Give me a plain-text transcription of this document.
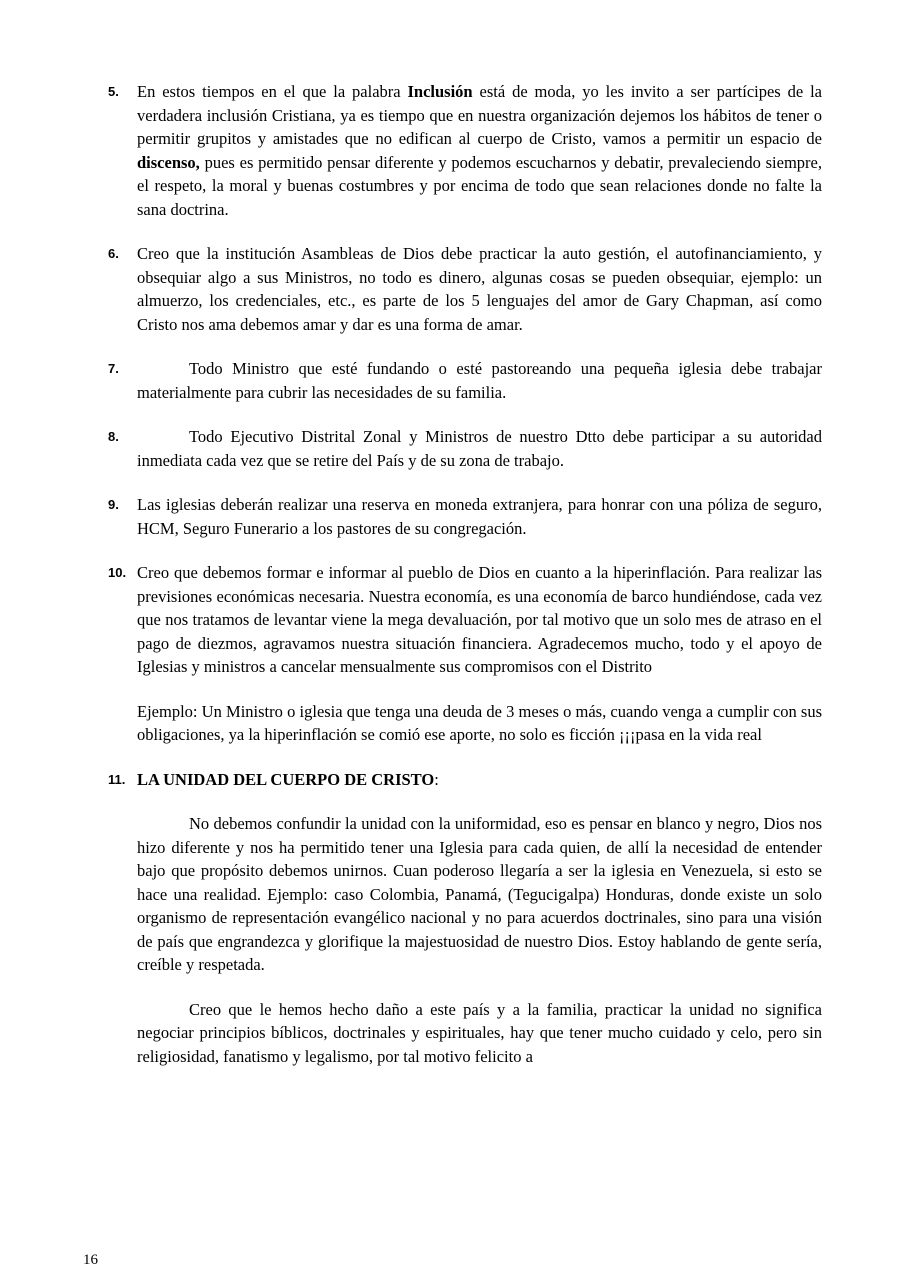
5.	En estos tiempos en el que la palabra Inclusión está de moda, yo les invito a ser partícipes de la verdadera inclusión Cristiana, ya es tiempo que en nuestra organización dejemos los hábitos de tener o permitir grupitos y amistades que no edifican al cuerpo de Cristo, vamos a permitir un espacio de discenso, pues es permitido pensar diferente y podemos escucharnos y debatir, prevaleciendo siempre, el respeto, la moral y buenas costumbres y por encima de todo que sean relaciones donde no falte la sana doctrina.

6.	Creo que la institución Asambleas de Dios debe practicar la auto gestión, el autofinanciamiento, y obsequiar algo a sus Ministros, no todo es dinero, algunas cosas se pueden obsequiar, ejemplo: un almuerzo, los credenciales, etc., es parte de los 5 lenguajes del amor de Gary Chapman, así como Cristo nos ama debemos amar y dar es una forma de amar.

7.	Todo Ministro que esté fundando o esté pastoreando una pequeña iglesia debe trabajar materialmente para cubrir las necesidades de su familia.

8.	Todo Ejecutivo Distrital Zonal y Ministros de nuestro Dtto debe participar a su autoridad inmediata cada vez que se retire del País y de su zona de trabajo.

9.	Las iglesias deberán realizar una reserva en moneda extranjera, para honrar con una póliza de seguro, HCM, Seguro Funerario a los pastores de su congregación.

10. Creo que debemos formar e informar al pueblo de Dios en cuanto a la hiperinflación. Para realizar las previsiones económicas necesaria. Nuestra economía, es una economía de barco hundiéndose, cada vez que nos tratamos de levantar viene la mega devaluación, por tal motivo que un solo mes de atraso en el pago de diezmos, agravamos nuestra situación financiera. Agradecemos mucho, todo y el apoyo de Iglesias y ministros a cancelar mensualmente sus compromisos con el Distrito

Ejemplo: Un Ministro o iglesia que tenga una deuda de 3 meses o más, cuando venga a cumplir con sus obligaciones, ya la hiperinflación se comió ese aporte, no solo es ficción ¡¡¡pasa en la vida real

11. LA UNIDAD DEL CUERPO DE CRISTO:

No debemos confundir la unidad con la uniformidad, eso es pensar en blanco y negro, Dios nos hizo diferente y nos ha permitido tener una Iglesia para cada quien, de allí la necesidad de entender bajo que propósito debemos unirnos. Cuan poderoso llegaría a ser la iglesia en Venezuela, si esto se hace una realidad. Ejemplo: caso Colombia, Panamá, (Tegucigalpa) Honduras, donde existe un solo organismo de representación evangélico nacional y no para acuerdos doctrinales, sino para una visión de país que engrandezca y glorifique la majestuosidad de nuestro Dios. Estoy hablando de gente sería, creíble y respetada.

Creo que le hemos hecho daño a este país y a la familia, practicar la unidad no significa negociar principios bíblicos, doctrinales y espirituales, hay que tener mucho cuidado y celo, pero sin religiosidad, fanatismo y legalismo, por tal motivo felicito a

16
